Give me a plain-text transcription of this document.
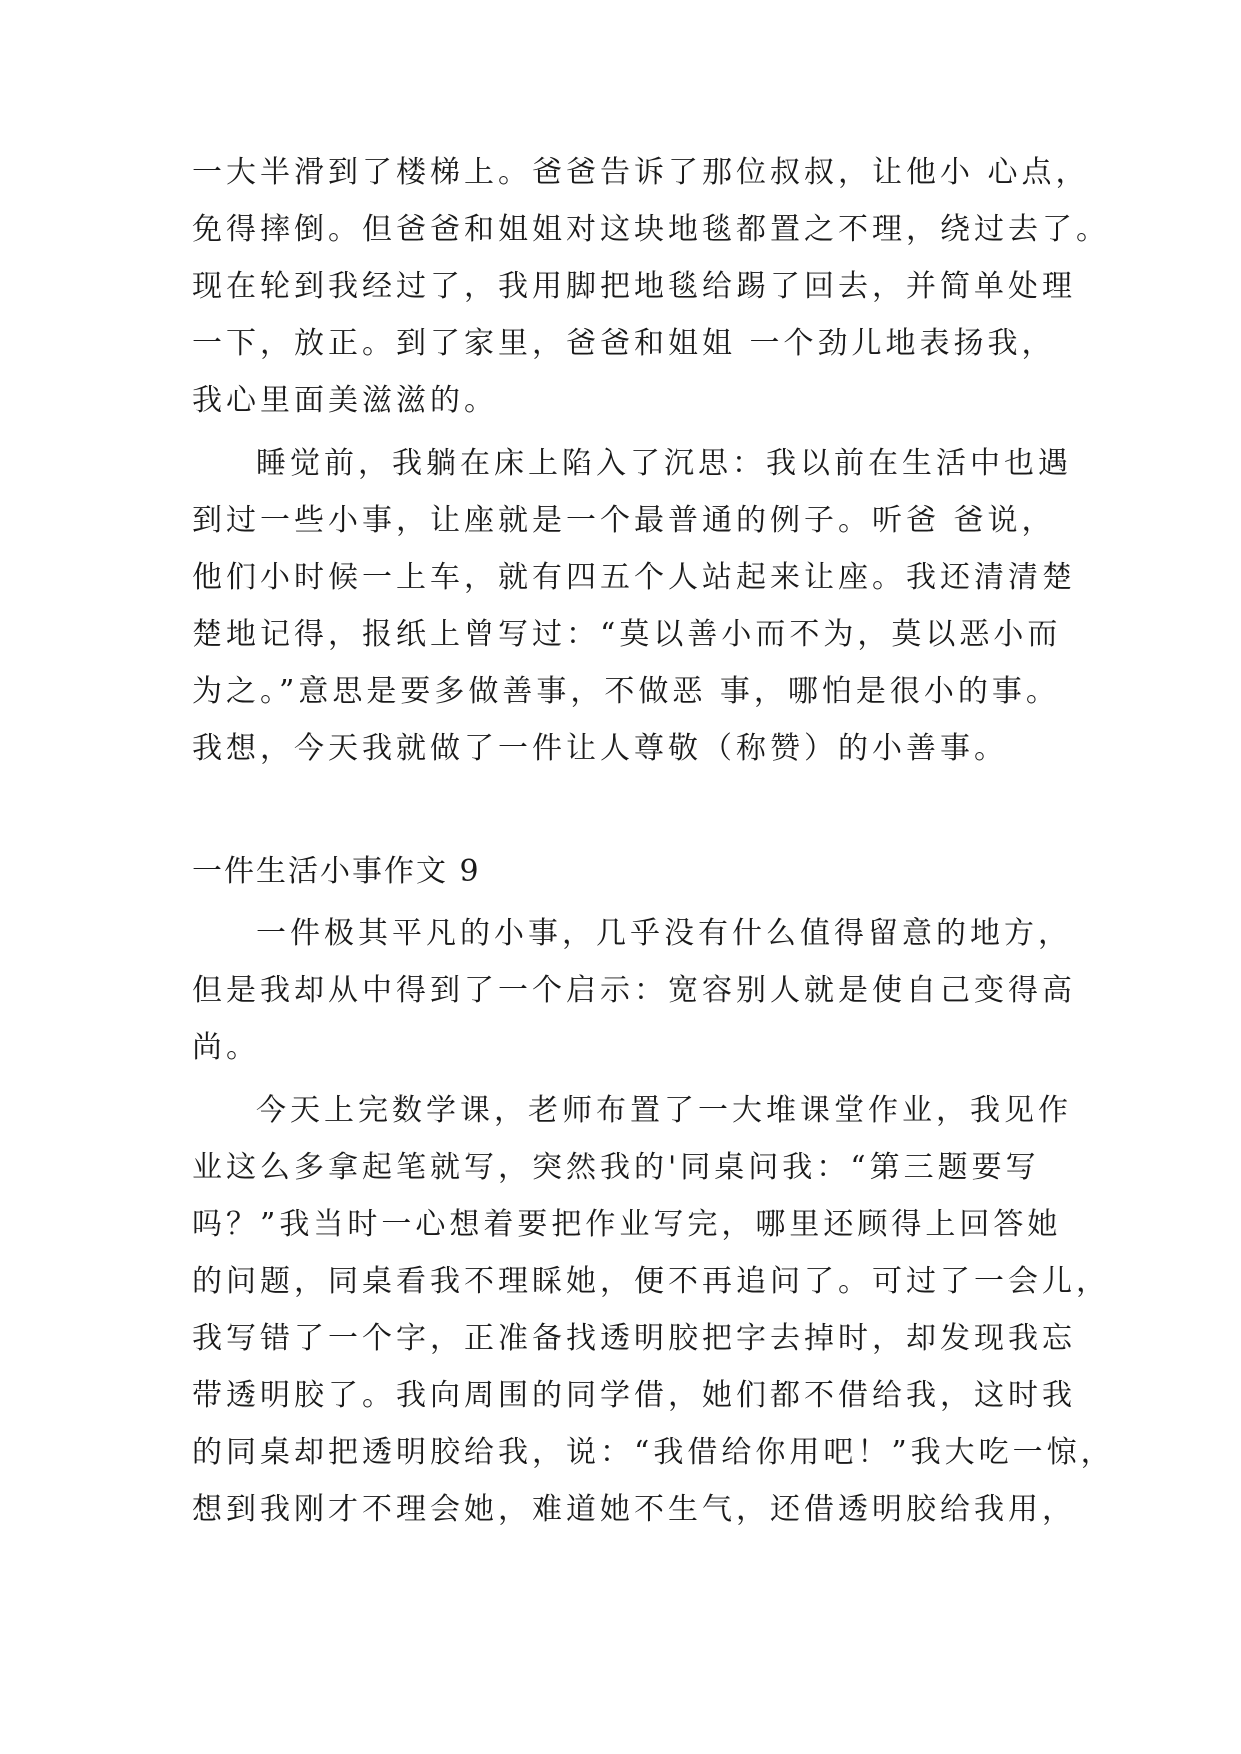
一大半滑到了楼梯上。爸爸告诉了那位叔叔，让他小 心点，
免得摔倒。但爸爸和姐姐对这块地毯都置之不理，绕过去了。
现在轮到我经过了，我用脚把地毯给踢了回去，并简单处理
一下，放正。到了家里，爸爸和姐姐 一个劲儿地表扬我，
我心里面美滋滋的。
睡觉前，我躺在床上陷入了沉思：我以前在生活中也遇
到过一些小事，让座就是一个最普通的例子。听爸 爸说，
他们小时候一上车，就有四五个人站起来让座。我还清清楚
楚地记得，报纸上曾写过：“莫以善小而不为，莫以恶小而
为之。”意思是要多做善事，不做恶 事，哪怕是很小的事。
我想，今天我就做了一件让人尊敬（称赞）的小善事。
一件生活小事作文 9
一件极其平凡的小事，几乎没有什么值得留意的地方，
但是我却从中得到了一个启示：宽容别人就是使自己变得高
尚。
今天上完数学课，老师布置了一大堆课堂作业，我见作
业这么多拿起笔就写，突然我的'同桌问我：“第三题要写
吗？”我当时一心想着要把作业写完，哪里还顾得上回答她
的问题，同桌看我不理睬她，便不再追问了。可过了一会儿，
我写错了一个字，正准备找透明胶把字去掉时，却发现我忘
带透明胶了。我向周围的同学借，她们都不借给我，这时我
的同桌却把透明胶给我，说：“我借给你用吧！”我大吃一惊，
想到我刚才不理会她，难道她不生气，还借透明胶给我用，
